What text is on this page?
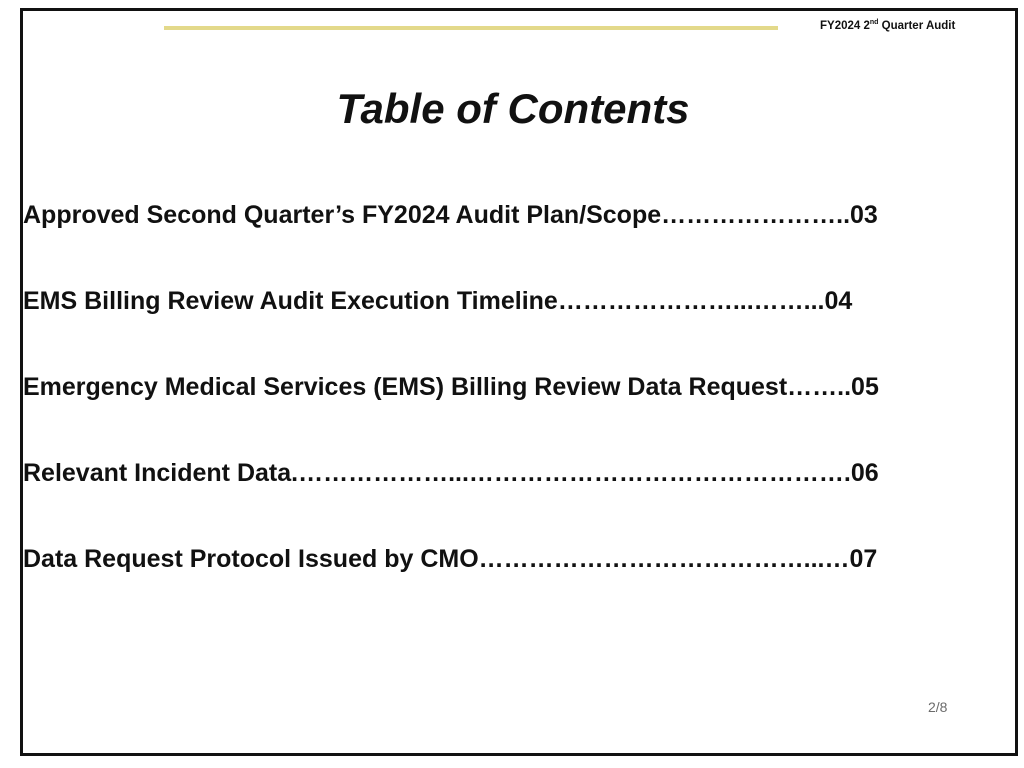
FY2024 2nd Quarter Audit
Table of Contents
Approved Second Quarter’s FY2024 Audit Plan/Scope…………………..03
EMS Billing Review Audit Execution Timeline…………………...……...04
Emergency Medical Services (EMS) Billing Review Data Request……..05
Relevant Incident Data.………………...……………………………………….06
Data Request Protocol Issued by CMO…………………………………...…07
2/8
